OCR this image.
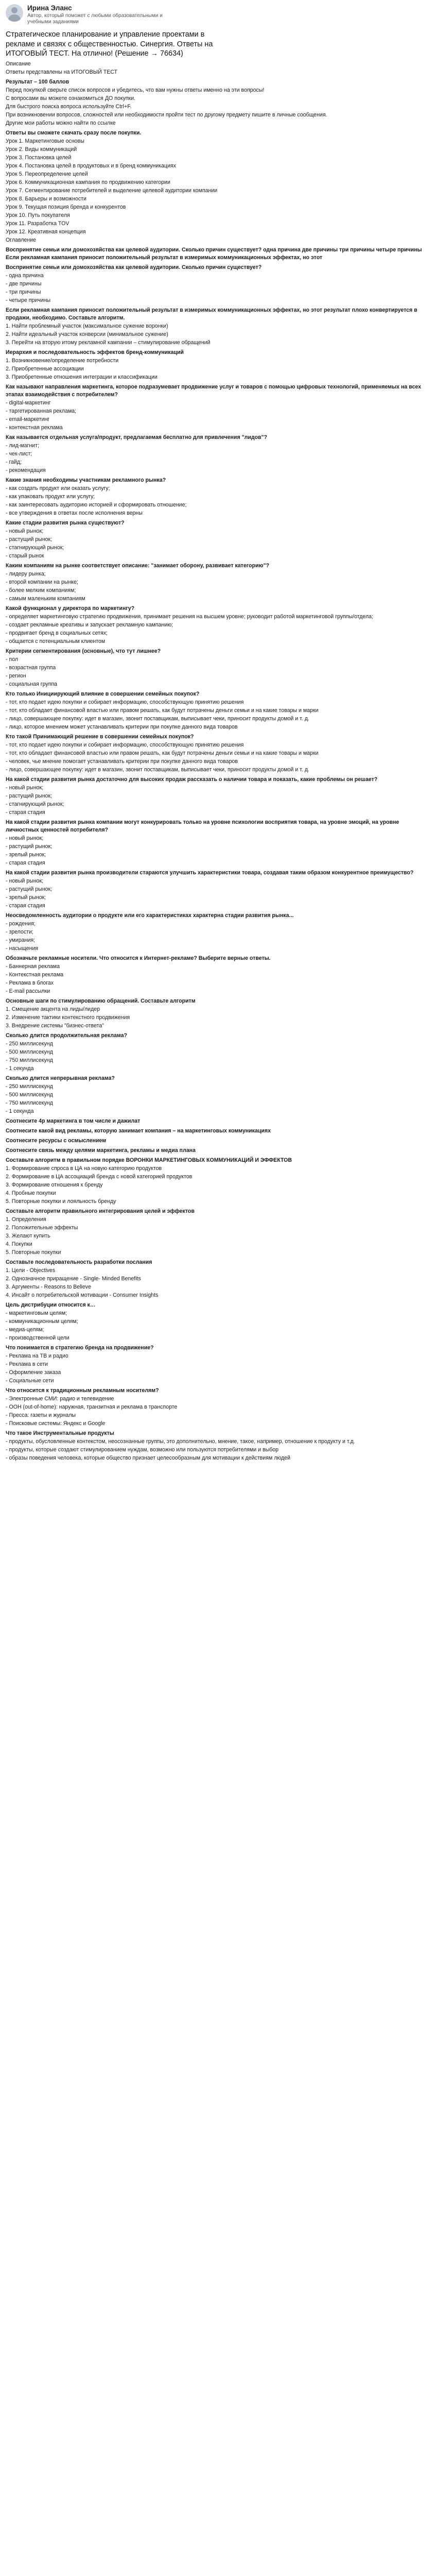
Ирина Эланс
Автор, который поможет с любыми образовательными и учебными заданиями
Стратегическое планирование и управление проектами в рекламе и связях с общественностью. Синергия. Ответы на ИТОГОВЫЙ ТЕСТ. На отлично! (Решение → 76634)
Описание
Ответы представлены на ИТОГОВЫЙ ТЕСТ
Результат – 100 баллов
Перед покупкой сверьте список вопросов и убедитесь, что вам нужны ответы именно на эти вопросы!
С вопросами вы можете ознакомиться ДО покупки.
Для быстрого поиска вопроса используйте Ctrl+F.
При возникновении вопросов, сложностей или необходимости пройти тест по другому предмету пишите в личные сообщения.
Другие мои работы можно найти по ссылке
Ответы вы сможете скачать сразу после покупки.
Урок 1. Маркетинговые основы
Урок 2. Виды коммуникаций
Урок 3. Постановка целей
Урок 4. Постановка целей в продуктовых и в бренд коммуникациях
Урок 5. Переопределение целей
Урок 6. Коммуникационная кампания по продвижению категории
Урок 7. Сегментирование потребителей и выделение целевой аудитории компании
Урок 8. Барьеры и возможности
Урок 9. Текущая позиция бренда и конкурентов
Урок 10. Путь покупателя
Урок 11. Разработка TOV
Урок 12. Креативная концепция
Оглавление
Воспринятие семьи или домохозяйства как целевой аудитории. Сколько причин существует? одна причина две причины три причины четыре причины Если рекламная кампания приносит положительный результат в измеримых коммуникационных эффектах, но этот
Воспринятие семьи или домохозяйства как целевой аудитории. Сколько причин существует?
- одна причина
- две причины
- три причины
- четыре причины
Если рекламная кампания приносит положительный результат в измеримых коммуникационных эффектах, но этот результат плохо конвертируется в продажи, необходимо. Составьте алгоритм.
1. Найти проблемный участок (максимальное сужение воронки)
2. Найти идеальный участок конверсии (минимальное сужение)
3. Перейти на вторую итому рекламной кампании – стимулирование обращений
Иерархия и последовательность эффектов бренд-коммуникаций
1. Возникновение/определение потребности
2. Приобретенные ассоциации
3. Приобретенные отношения интеграции и классификации
Как называют направления маркетинга, которое подразумевает продвижение услуг и товаров с помощью цифровых технологий, применяемых на всех этапах взаимодействия с потребителем?
- digital-маркетинг
- таргетированная реклама;
- email-маркетинг
- контекстная реклама
Как называется отдельная услуга/продукт, предлагаемая бесплатно для привлечения "лидов"?
- лид-магнит;
- чек-лист;
- гайд;
- рекомендация
Какие знания необходимы участникам рекламного рынка?
- как создать продукт или оказать услугу;
- как упаковать продукт или услугу;
- как заинтересовать аудиторию историей и сформировать отношение;
- все утверждения в ответах после исполнения верны
Какие стадии развития рынка существуют?
- новый рынок;
- растущий рынок;
- стагнирующий рынок;
- старый рынок
Каким компаниям на рынке соответствует описание: "занимает оборону, развивает категорию"?
- лидеру рынка;
- второй компании на рынке;
- более мелким компаниям;
- самым маленьким компаниям
Какой функционал у директора по маркетингу?
- определяет маркетинговую стратегию продвижения, принимает решения на высшем уровне; руководит работой маркетинговой группы/отдела;
- создает рекламные креативы и запускает рекламную кампанию;
- продвигает бренд в социальных сетях;
- общается с потенциальным клиентом
Критерии сегментирования (основные), что тут лишнее?
- пол
- возрастная группа
- регион
- социальная группа
Кто только Инициирующий влияние в совершении семейных покупок?
- тот, кто подает идею покупки и собирает информацию, способствующую принятию решения
- тот, кто обладает финансовой властью или правом решать, как будут потрачены деньги семьи и на какие товары и марки
- лицо, совершающее покупку: идет в магазин, звонит поставщикам, выписывает чеки, приносит продукты домой и т. д.
- лицо, которое мнением может устанавливать критерии при покупке данного вида товаров
Кто такой Принимающий решение в совершении семейных покупок?
- тот, кто подает идею покупки и собирает информацию, способствующую принятию решения
- тот, кто обладает финансовой властью или правом решать, как будут потрачены деньги семьи и на какие товары и марки
- человек, чье мнение помогает устанавливать критерии при покупке данного вида товаров
- лицо, совершающее покупку: идет в магазин, звонит поставщикам, выписывает чеки, приносит продукты домой и т. д.
На какой стадии развития рынка достаточно для высоких продаж рассказать о наличии товара и показать, какие проблемы он решает?
- новый рынок;
- растущий рынок;
- стагнирующий рынок;
- старая стадия
На какой стадии развития рынка компании могут конкурировать только на уровне психологии восприятия товара, на уровне эмоций, на уровне личностных ценностей потребителя?
- новый рынок;
- растущий рынок;
- зрелый рынок;
- старая стадия
На какой стадии развития рынка производители стараются улучшить характеристики товара, создавая таким образом конкурентное преимущество?
- новый рынок;
- растущий рынок;
- зрелый рынок;
- старая стадия
Неосведомленность аудитории о продукте или его характеристиках характерна стадии развития рынка...
- рождения;
- зрелости;
- умирания;
- насыщения
Обозначьте рекламные носители. Что относится к Интернет-рекламе? Выберите верные ответы.
- Баннерная реклама
- Контекстная реклама
- Реклама в блогах
- E-mail рассылки
Основные шаги по стимулированию обращений. Составьте алгоритм
1. Смещение акцента на лиды/лидер
2. Изменение тактики контекстного продвижения
3. Внедрение системы "бизнес-ответа"
Сколько длится продолжительная реклама?
- 250 миллисекунд
- 500 миллисекунд
- 750 миллисекунд
- 1 секунда
Сколько длится непрерывная реклама?
- 250 миллисекунд
- 500 миллисекунд
- 750 миллисекунд
- 1 секунда
Соотнесите 4р маркетинга в том числе и дажилат
Соотнесите какой вид рекламы, которую занимает компания – на маркетинговых коммуникациях
Соотнесите ресурсы с осмыслением
Соотнесите связь между целями маркетинга, рекламы и медиа плана
Составьте алгоритм в правильном порядке ВОРОНКИ МАРКЕТИНГОВЫХ КОММУНИКАЦИЙ И ЭФФЕКТОВ
1. Формирование спроса в ЦА на новую категорию продуктов
2. Формирование в ЦА ассоциаций бренда с новой категорией продуктов
3. Формирование отношения к бренду
4. Пробные покупки
5. Повторные покупки и лояльность бренду
Составьте алгоритм правильного интегрирования целей и эффектов
1. Определения
2. Положительные эффекты
3. Желают купить
4. Покупки
5. Повторные покупки
Составьте последовательность разработки послания
1. Цели - Objectives
2. Однозначное приращение - Single- Minded Benefits
3. Аргументы - Reasons to Believe
4. Инсайт о потребительской мотивации - Consumer Insights
Цель дистрибуции относится к…
- маркетинговым целям;
- коммуникационным целям;
- медиа-целям;
- производственной цели
Что понимается в стратегию бренда на продвижение?
- Реклама на ТВ и радио
- Реклама в сети
- Оформление заказа
- Социальные сети
Что относится к традиционным рекламным носителям?
- Электронные СМИ: радио и телевидение
- OOH (out-of-home): наружная, транзитная и реклама в транспорте
- Пресса: газеты и журналы
- Поисковые системы: Яндекс и Google
Что такое Инструментальные продукты
- продукты, обусловленные контекстом, неосознанные группы, это дополнительно, мнение, такое, например, отношение к продукту и т.д.
- продукты, которые создают стимулированием нуждам, возможно или пользуются потребителями и выбор
- образы поведения человека, которые общество признает целесообразным для мотивации к действиям людей
